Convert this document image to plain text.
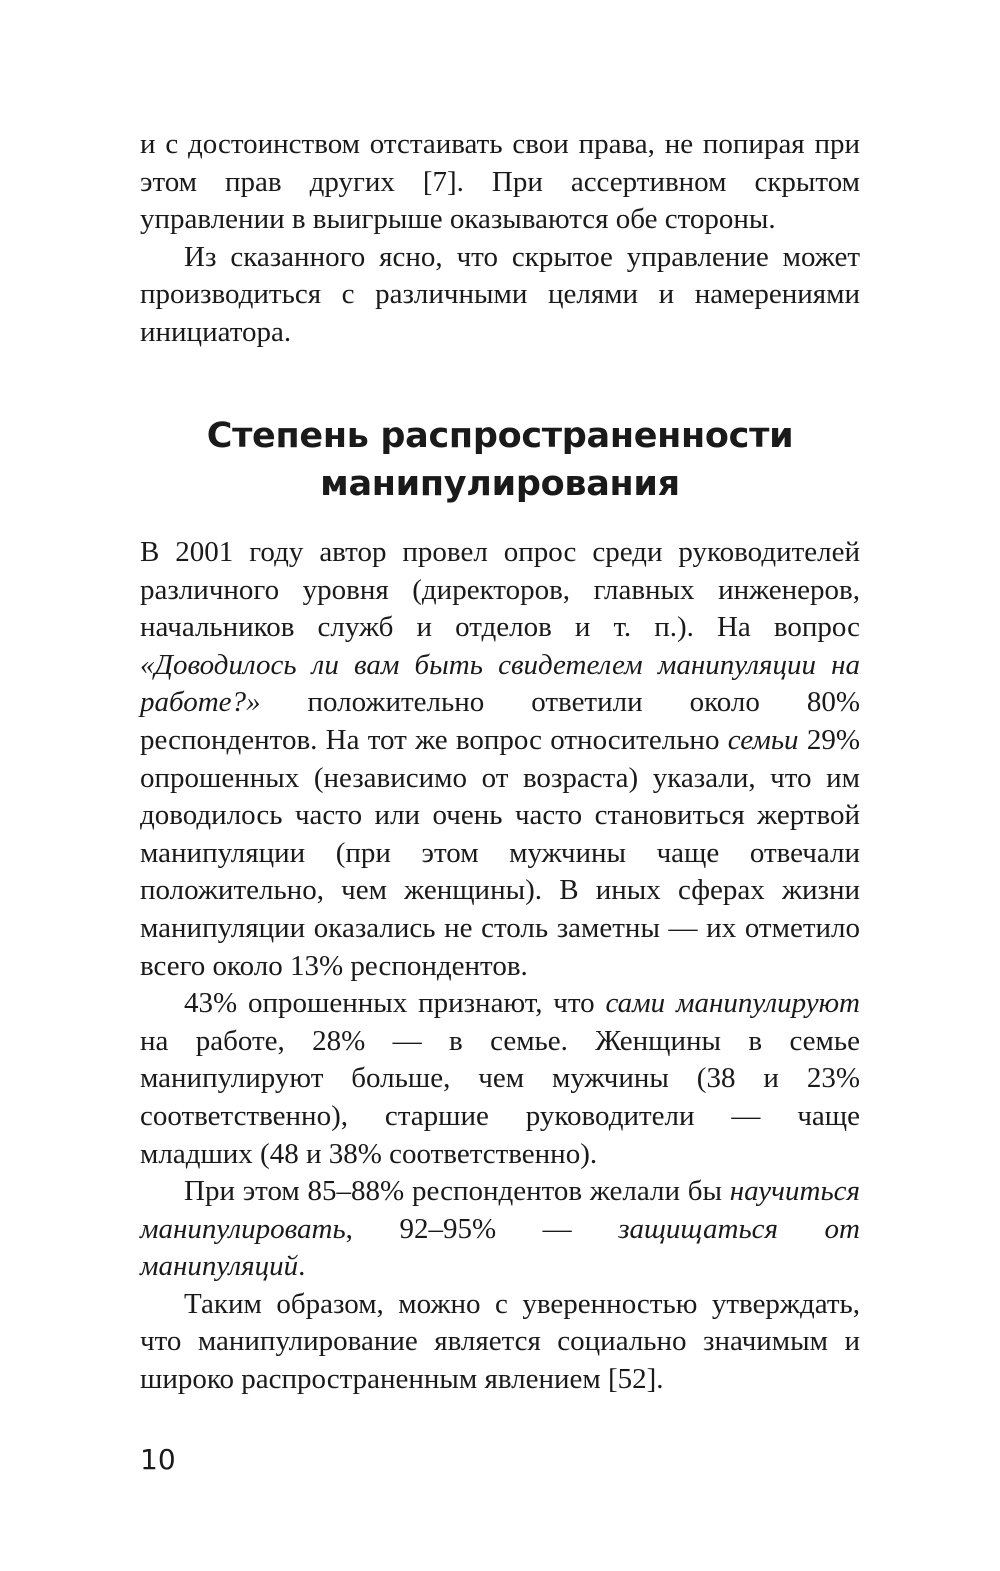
и с достоинством отстаивать свои права, не попирая при этом прав других [7]. При ассертивном скрытом управлении в выигрыше оказываются обе стороны.

Из сказанного ясно, что скрытое управление может производиться с различными целями и намерениями инициатора.

Степень распространенности
манипулирования

В 2001 году автор провел опрос среди руководителей различного уровня (директоров, главных инженеров, начальников служб и отделов и т. п.). На вопрос «Доводилось ли вам быть свидетелем манипуляции на работе?» положительно ответили около 80% респондентов. На тот же вопрос относительно семьи 29% опрошенных (независимо от возраста) указали, что им доводилось часто или очень часто становиться жертвой манипуляции (при этом мужчины чаще отвечали положительно, чем женщины). В иных сферах жизни манипуляции оказались не столь заметны — их отметило всего около 13% респондентов.

43% опрошенных признают, что сами манипулируют на работе, 28% — в семье. Женщины в семье манипулируют больше, чем мужчины (38 и 23% соответственно), старшие руководители — чаще младших (48 и 38% соответственно).

При этом 85–88% респондентов желали бы научиться манипулировать, 92–95% — защищаться от манипуляций.

Таким образом, можно с уверенностью утверждать, что манипулирование является социально значимым и широко распространенным явлением [52].

10
